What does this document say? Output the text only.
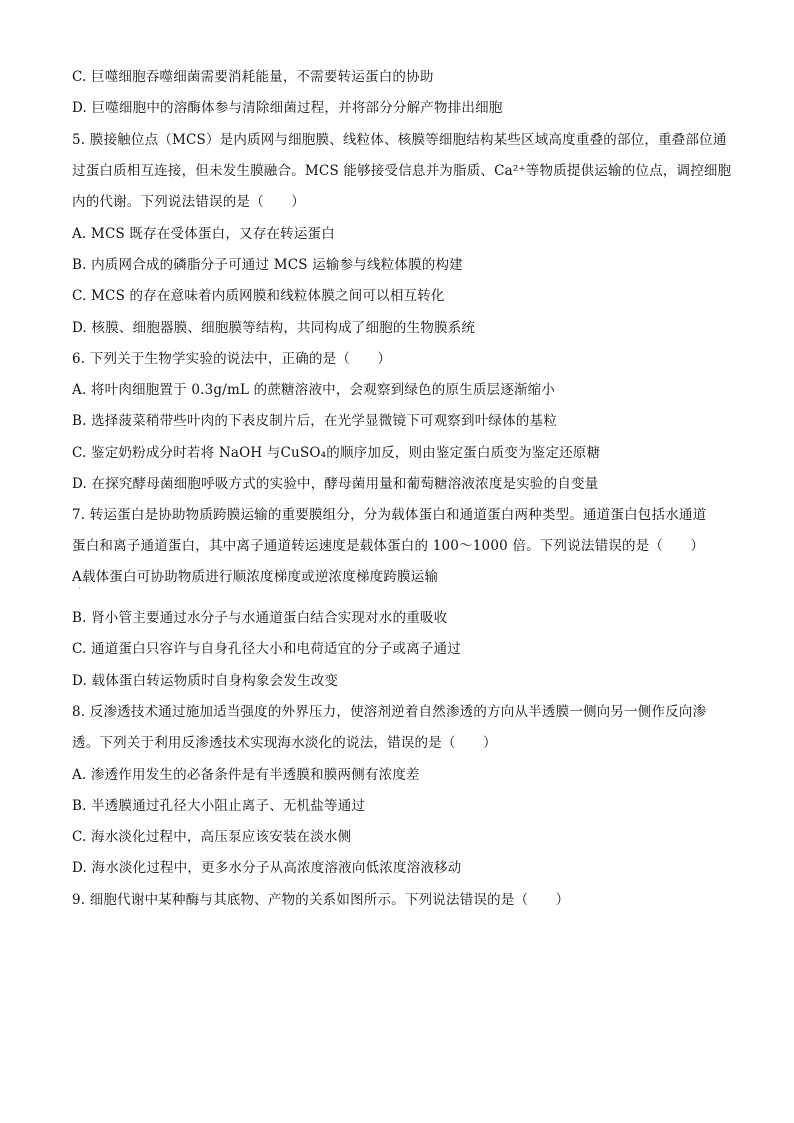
C. 巨噬细胞吞噬细菌需要消耗能量，不需要转运蛋白的协助
D. 巨噬细胞中的溶酶体参与清除细菌过程，并将部分分解产物排出细胞
5. 膜接触位点（MCS）是内质网与细胞膜、线粒体、核膜等细胞结构某些区域高度重叠的部位，重叠部位通
过蛋白质相互连接，但未发生膜融合。MCS 能够接受信息并为脂质、Ca²⁺等物质提供运输的位点，调控细胞
内的代谢。下列说法错误的是（　　）
A. MCS 既存在受体蛋白，又存在转运蛋白
B. 内质网合成的磷脂分子可通过 MCS 运输参与线粒体膜的构建
C. MCS 的存在意味着内质网膜和线粒体膜之间可以相互转化
D. 核膜、细胞器膜、细胞膜等结构，共同构成了细胞的生物膜系统
6. 下列关于生物学实验的说法中，正确的是（　　）
A. 将叶肉细胞置于 0.3g/mL 的蔗糖溶液中，会观察到绿色的原生质层逐渐缩小
B. 选择菠菜稍带些叶肉的下表皮制片后，在光学显微镜下可观察到叶绿体的基粒
C. 鉴定奶粉成分时若将 NaOH 与CuSO₄的顺序加反，则由鉴定蛋白质变为鉴定还原糖
D. 在探究酵母菌细胞呼吸方式的实验中，酵母菌用量和葡萄糖溶液浓度是实验的自变量
7. 转运蛋白是协助物质跨膜运输的重要膜组分，分为载体蛋白和通道蛋白两种类型。通道蛋白包括水通道
蛋白和离子通道蛋白，其中离子通道转运速度是载体蛋白的 100～1000 倍。下列说法错误的是（　　）
A载体蛋白可协助物质进行顺浓度梯度或逆浓度梯度跨膜运输
·
B. 肾小管主要通过水分子与水通道蛋白结合实现对水的重吸收
C. 通道蛋白只容许与自身孔径大小和电荷适宜的分子或离子通过
D. 载体蛋白转运物质时自身构象会发生改变
8. 反渗透技术通过施加适当强度的外界压力，使溶剂逆着自然渗透的方向从半透膜一侧向另一侧作反向渗
透。下列关于利用反渗透技术实现海水淡化的说法，错误的是（　　）
A. 渗透作用发生的必备条件是有半透膜和膜两侧有浓度差
B. 半透膜通过孔径大小阻止离子、无机盐等通过
C. 海水淡化过程中，高压泵应该安装在淡水侧
D. 海水淡化过程中，更多水分子从高浓度溶液向低浓度溶液移动
9. 细胞代谢中某种酶与其底物、产物的关系如图所示。下列说法错误的是（　　）
